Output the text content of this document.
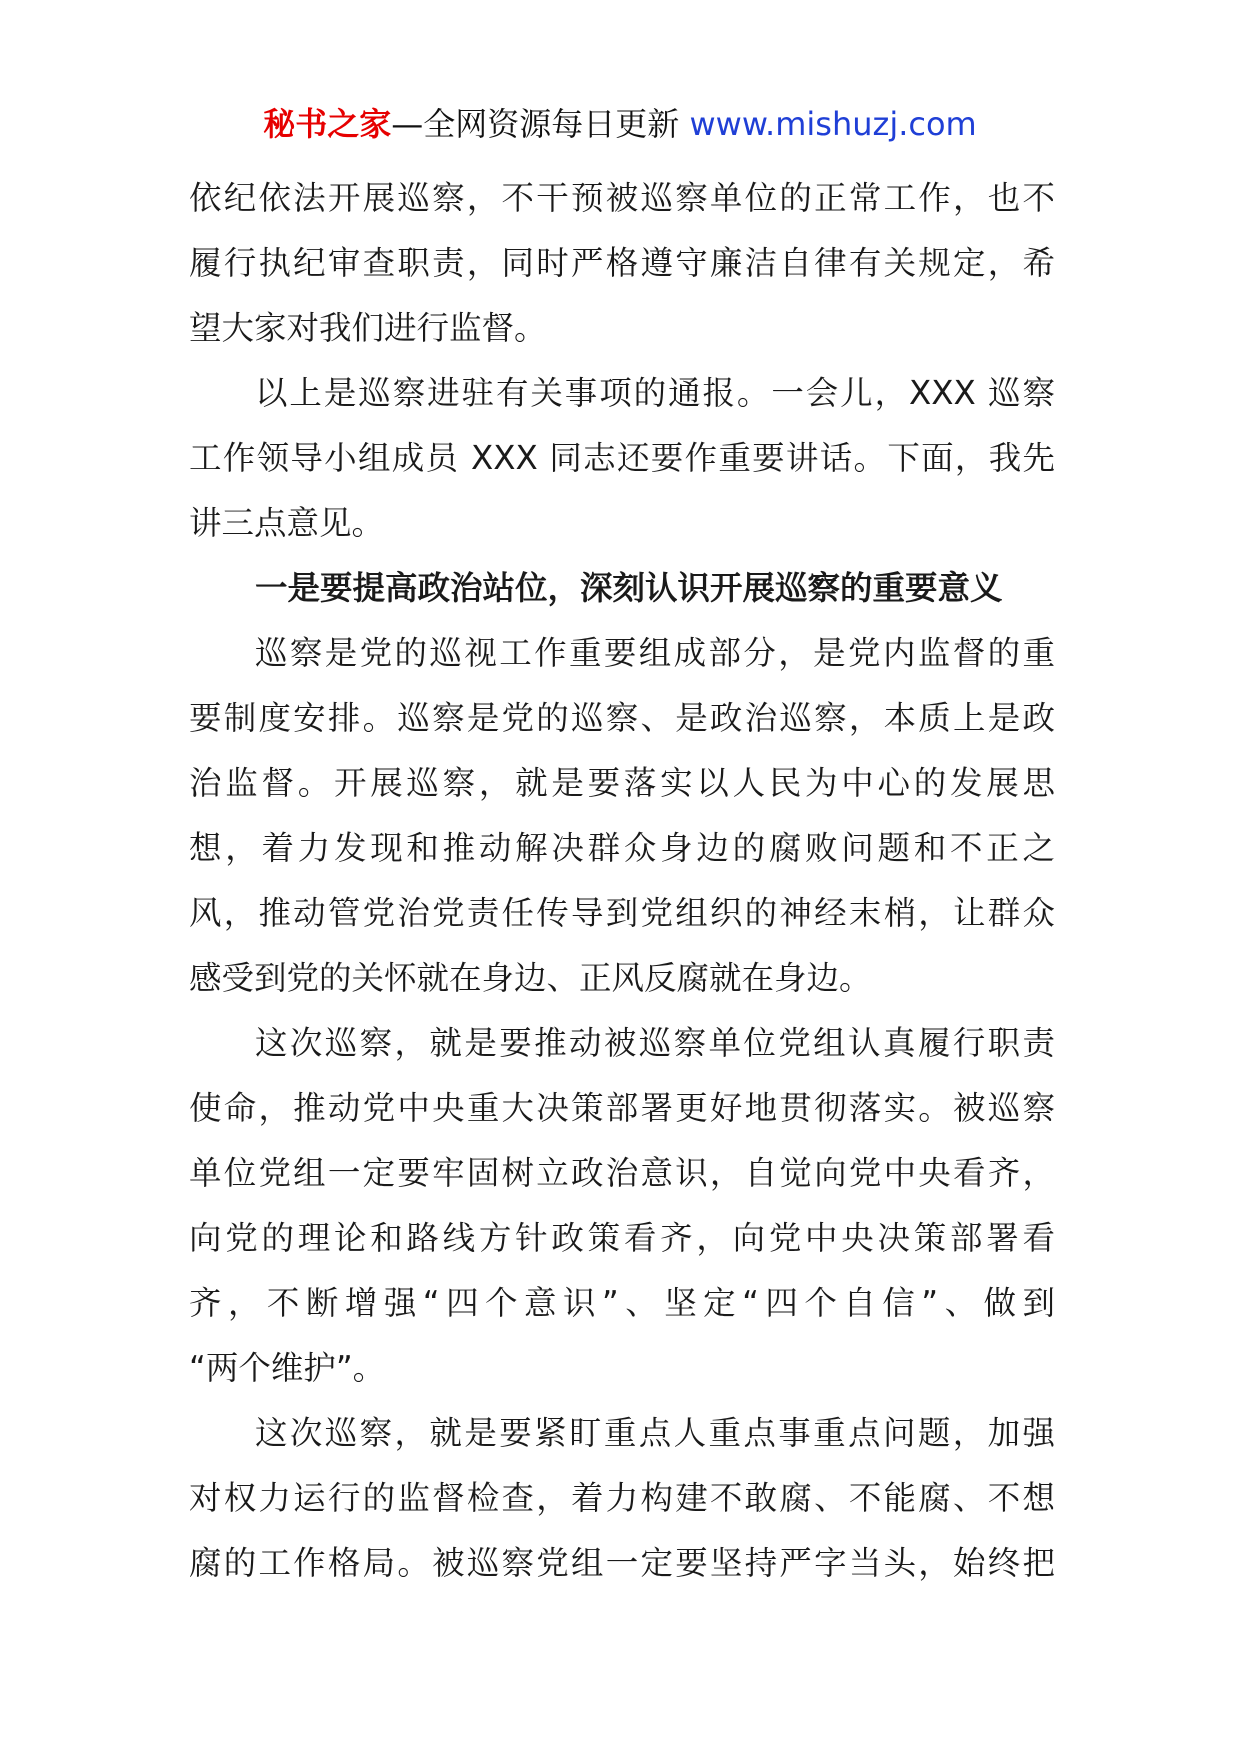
秘书之家—全网资源每日更新 www.mishuzj.com
依纪依法开展巡察，不干预被巡察单位的正常工作，也不
履行执纪审查职责，同时严格遵守廉洁自律有关规定，希
望大家对我们进行监督。
以上是巡察进驻有关事项的通报。一会儿，XXX 巡察
工作领导小组成员 XXX 同志还要作重要讲话。下面，我先
讲三点意见。
一是要提高政治站位，深刻认识开展巡察的重要意义
巡察是党的巡视工作重要组成部分，是党内监督的重
要制度安排。巡察是党的巡察、是政治巡察，本质上是政
治监督。开展巡察，就是要落实以人民为中心的发展思
想，着力发现和推动解决群众身边的腐败问题和不正之
风，推动管党治党责任传导到党组织的神经末梢，让群众
感受到党的关怀就在身边、正风反腐就在身边。
这次巡察，就是要推动被巡察单位党组认真履行职责
使命，推动党中央重大决策部署更好地贯彻落实。被巡察
单位党组一定要牢固树立政治意识，自觉向党中央看齐，
向党的理论和路线方针政策看齐，向党中央决策部署看
齐，不断增强“四个意识”、坚定“四个自信”、做到
“两个维护”。
这次巡察，就是要紧盯重点人重点事重点问题，加强
对权力运行的监督检查，着力构建不敢腐、不能腐、不想
腐的工作格局。被巡察党组一定要坚持严字当头，始终把
